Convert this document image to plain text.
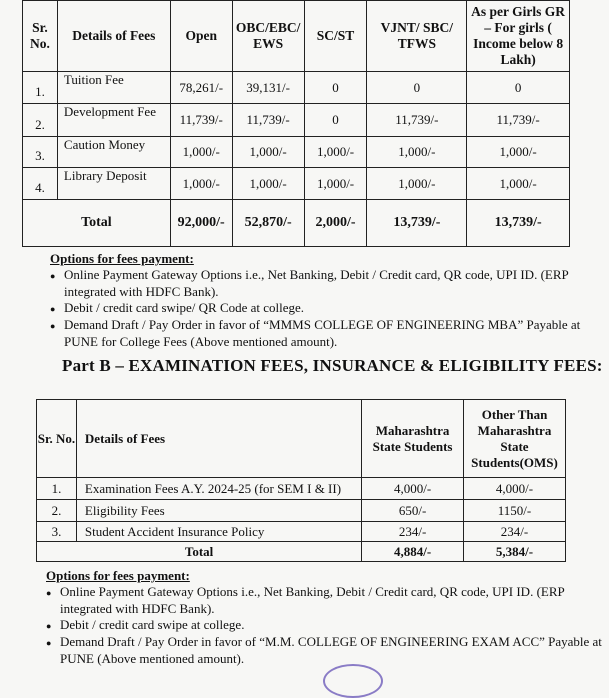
Sr. No.	Details of Fees	Open	OBC/EBC/ EWS	SC/ST	VJNT/ SBC/ TFWS	As per Girls GR – For girls ( Income below 8 Lakh)
1.	Tuition Fee	78,261/-	39,131/-	0	0	0
2.	Development Fee	11,739/-	11,739/-	0	11,739/-	11,739/-
3.	Caution Money	1,000/-	1,000/-	1,000/-	1,000/-	1,000/-
4.	Library Deposit	1,000/-	1,000/-	1,000/-	1,000/-	1,000/-
Total		92,000/-	52,870/-	2,000/-	13,739/-	13,739/-
Options for fees payment:
● Online Payment Gateway Options i.e., Net Banking, Debit / Credit card, QR code, UPI ID. (ERP integrated with HDFC Bank).
● Debit / credit card swipe/ QR Code at college.
● Demand Draft / Pay Order in favor of “MMMS COLLEGE OF ENGINEERING MBA” Payable at PUNE for College Fees (Above mentioned amount).
Part B – EXAMINATION FEES, INSURANCE & ELIGIBILITY FEES:
Sr. No.	Details of Fees	Maharashtra State Students	Other Than Maharashtra State Students(OMS)
1.	Examination Fees A.Y. 2024-25 (for SEM I & II)	4,000/-	4,000/-
2.	Eligibility Fees	650/-	1150/-
3.	Student Accident Insurance Policy	234/-	234/-
Total		4,884/-	5,384/-
Options for fees payment:
● Online Payment Gateway Options i.e., Net Banking, Debit / Credit card, QR code, UPI ID. (ERP integrated with HDFC Bank).
● Debit / credit card swipe at college.
● Demand Draft / Pay Order in favor of “M.M. COLLEGE OF ENGINEERING EXAM ACC” Payable at PUNE (Above mentioned amount).
